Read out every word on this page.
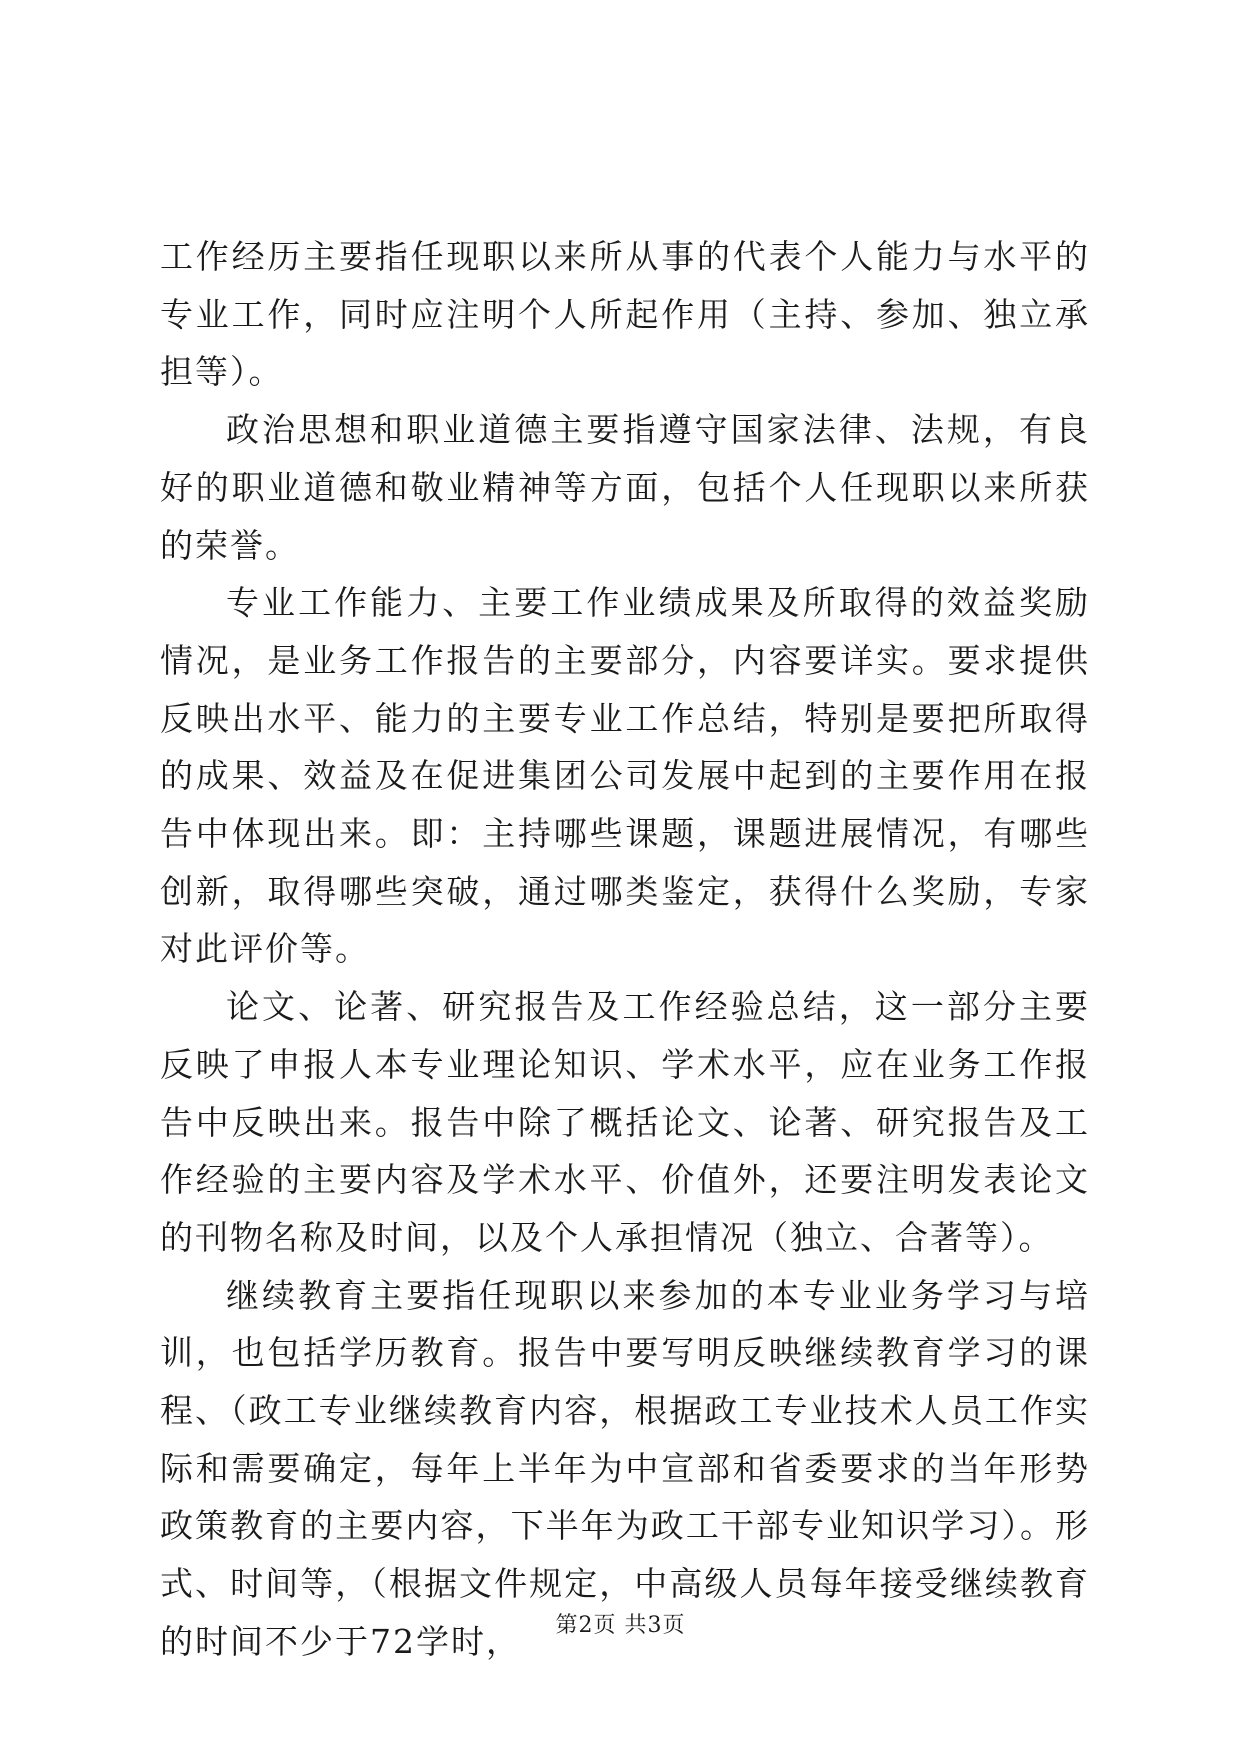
工作经历主要指任现职以来所从事的代表个人能力与水平的专业工作，同时应注明个人所起作用（主持、参加、独立承担等）。

政治思想和职业道德主要指遵守国家法律、法规，有良好的职业道德和敬业精神等方面，包括个人任现职以来所获的荣誉。

专业工作能力、主要工作业绩成果及所取得的效益奖励情况，是业务工作报告的主要部分，内容要详实。要求提供反映出水平、能力的主要专业工作总结，特别是要把所取得的成果、效益及在促进集团公司发展中起到的主要作用在报告中体现出来。即：主持哪些课题，课题进展情况，有哪些创新，取得哪些突破，通过哪类鉴定，获得什么奖励，专家对此评价等。

论文、论著、研究报告及工作经验总结，这一部分主要反映了申报人本专业理论知识、学术水平，应在业务工作报告中反映出来。报告中除了概括论文、论著、研究报告及工作经验的主要内容及学术水平、价值外，还要注明发表论文的刊物名称及时间，以及个人承担情况（独立、合著等）。

继续教育主要指任现职以来参加的本专业业务学习与培训，也包括学历教育。报告中要写明反映继续教育学习的课程、（政工专业继续教育内容，根据政工专业技术人员工作实际和需要确定，每年上半年为中宣部和省委要求的当年形势政策教育的主要内容，下半年为政工干部专业知识学习）。形式、时间等，（根据文件规定，中高级人员每年接受继续教育的时间不少于72学时，	第2页 共3页
